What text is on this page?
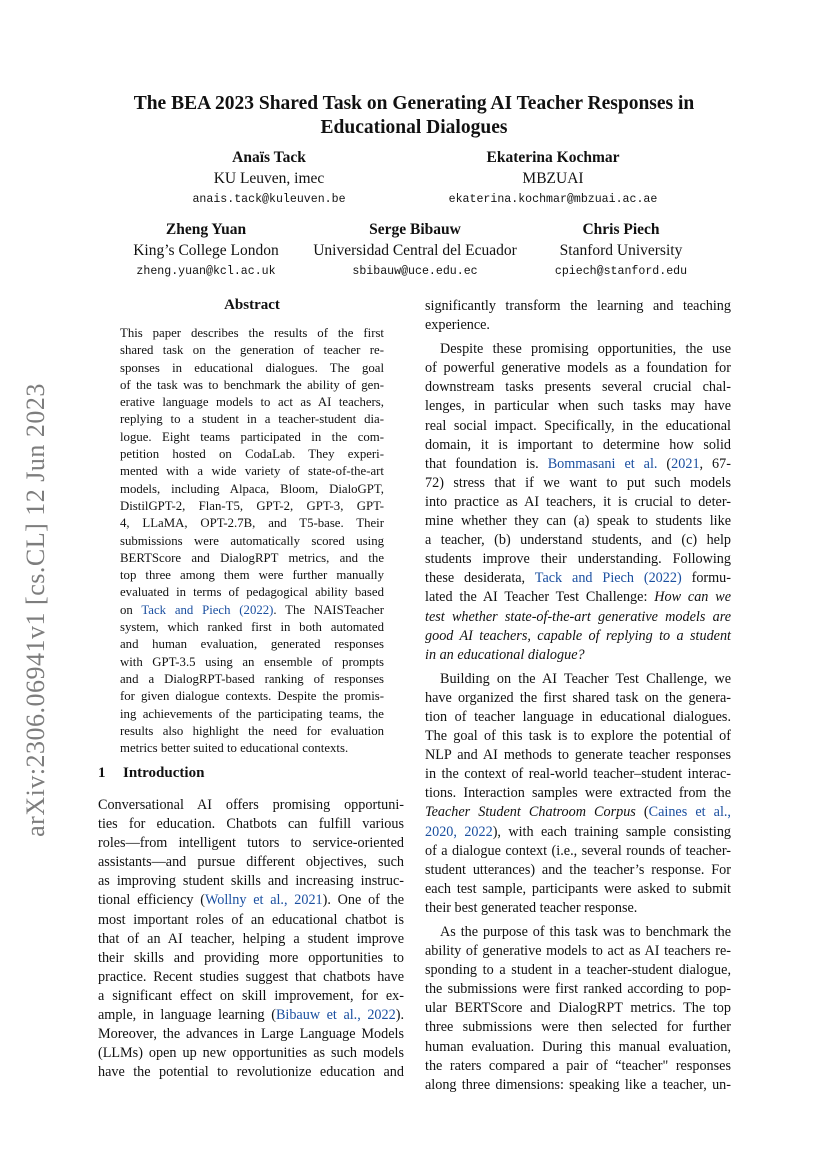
arXiv:2306.06941v1 [cs.CL] 12 Jun 2023
The BEA 2023 Shared Task on Generating AI Teacher Responses in
Educational Dialogues
Anaïs Tack
KU Leuven, imec
anais.tack@kuleuven.be
Ekaterina Kochmar
MBZUAI
ekaterina.kochmar@mbzuai.ac.ae
Zheng Yuan
King’s College London
zheng.yuan@kcl.ac.uk
Serge Bibauw
Universidad Central del Ecuador
sbibauw@uce.edu.ec
Chris Piech
Stanford University
cpiech@stanford.edu
Abstract
This paper describes the results of the first
shared task on the generation of teacher re-
sponses in educational dialogues. The goal
of the task was to benchmark the ability of gen-
erative language models to act as AI teachers,
replying to a student in a teacher-student dia-
logue. Eight teams participated in the com-
petition hosted on CodaLab. They experi-
mented with a wide variety of state-of-the-art
models, including Alpaca, Bloom, DialoGPT,
DistilGPT-2, Flan-T5, GPT-2, GPT-3, GPT-
4, LLaMA, OPT-2.7B, and T5-base. Their
submissions were automatically scored using
BERTScore and DialogRPT metrics, and the
top three among them were further manually
evaluated in terms of pedagogical ability based
on Tack and Piech (2022). The NAISTeacher
system, which ranked first in both automated
and human evaluation, generated responses
with GPT-3.5 using an ensemble of prompts
and a DialogRPT-based ranking of responses
for given dialogue contexts. Despite the promis-
ing achievements of the participating teams, the
results also highlight the need for evaluation
metrics better suited to educational contexts.
1 Introduction
Conversational AI offers promising opportuni-
ties for education. Chatbots can fulfill various
roles—from intelligent tutors to service-oriented
assistants—and pursue different objectives, such
as improving student skills and increasing instruc-
tional efficiency (Wollny et al., 2021). One of the
most important roles of an educational chatbot is
that of an AI teacher, helping a student improve
their skills and providing more opportunities to
practice. Recent studies suggest that chatbots have
a significant effect on skill improvement, for ex-
ample, in language learning (Bibauw et al., 2022).
Moreover, the advances in Large Language Models
(LLMs) open up new opportunities as such models
have the potential to revolutionize education and
significantly transform the learning and teaching
experience.
Despite these promising opportunities, the use
of powerful generative models as a foundation for
downstream tasks presents several crucial chal-
lenges, in particular when such tasks may have
real social impact. Specifically, in the educational
domain, it is important to determine how solid
that foundation is. Bommasani et al. (2021, 67-
72) stress that if we want to put such models
into practice as AI teachers, it is crucial to deter-
mine whether they can (a) speak to students like
a teacher, (b) understand students, and (c) help
students improve their understanding. Following
these desiderata, Tack and Piech (2022) formu-
lated the AI Teacher Test Challenge: How can we
test whether state-of-the-art generative models are
good AI teachers, capable of replying to a student
in an educational dialogue?
Building on the AI Teacher Test Challenge, we
have organized the first shared task on the genera-
tion of teacher language in educational dialogues.
The goal of this task is to explore the potential of
NLP and AI methods to generate teacher responses
in the context of real-world teacher–student interac-
tions. Interaction samples were extracted from the
Teacher Student Chatroom Corpus (Caines et al.,
2020, 2022), with each training sample consisting
of a dialogue context (i.e., several rounds of teacher-
student utterances) and the teacher’s response. For
each test sample, participants were asked to submit
their best generated teacher response.
As the purpose of this task was to benchmark the
ability of generative models to act as AI teachers re-
sponding to a student in a teacher-student dialogue,
the submissions were first ranked according to pop-
ular BERTScore and DialogRPT metrics. The top
three submissions were then selected for further
human evaluation. During this manual evaluation,
the raters compared a pair of “teacher" responses
along three dimensions: speaking like a teacher, un-
